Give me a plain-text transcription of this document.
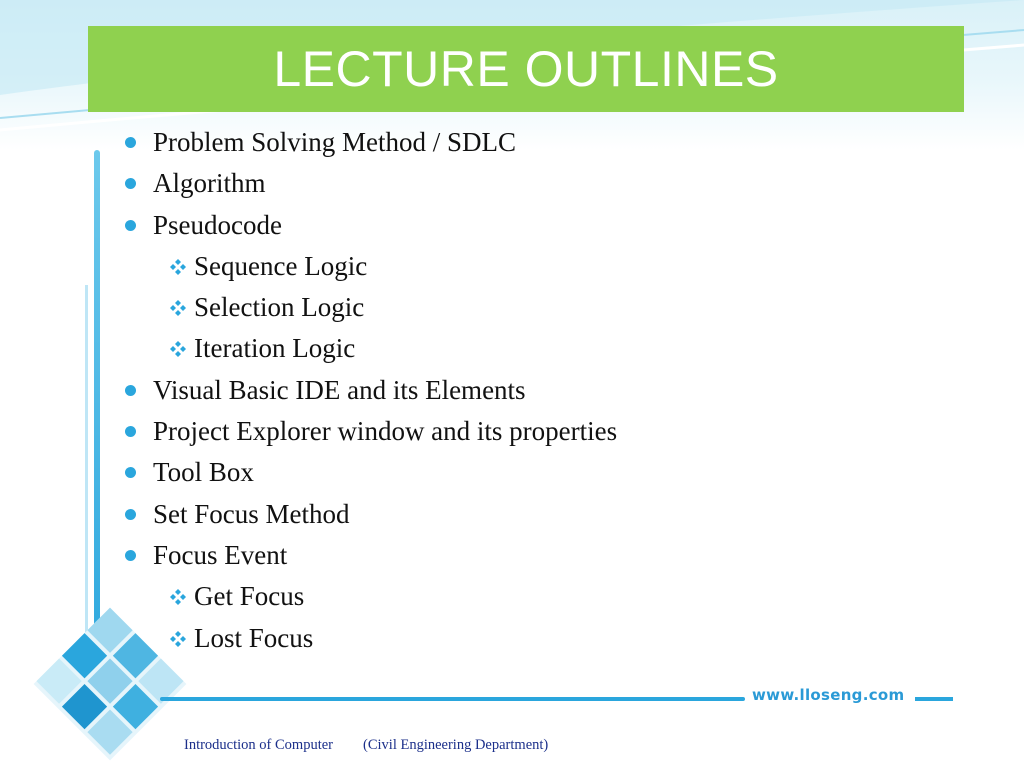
www.lloseng.com
LECTURE OUTLINES
Problem Solving Method / SDLC
Algorithm
Pseudocode
Sequence Logic
Selection Logic
Iteration Logic
Visual Basic IDE and its Elements
Project Explorer window and its properties
Tool Box
Set Focus Method
Focus Event
Get Focus
Lost Focus
Introduction of Computer (Civil Engineering Department)
